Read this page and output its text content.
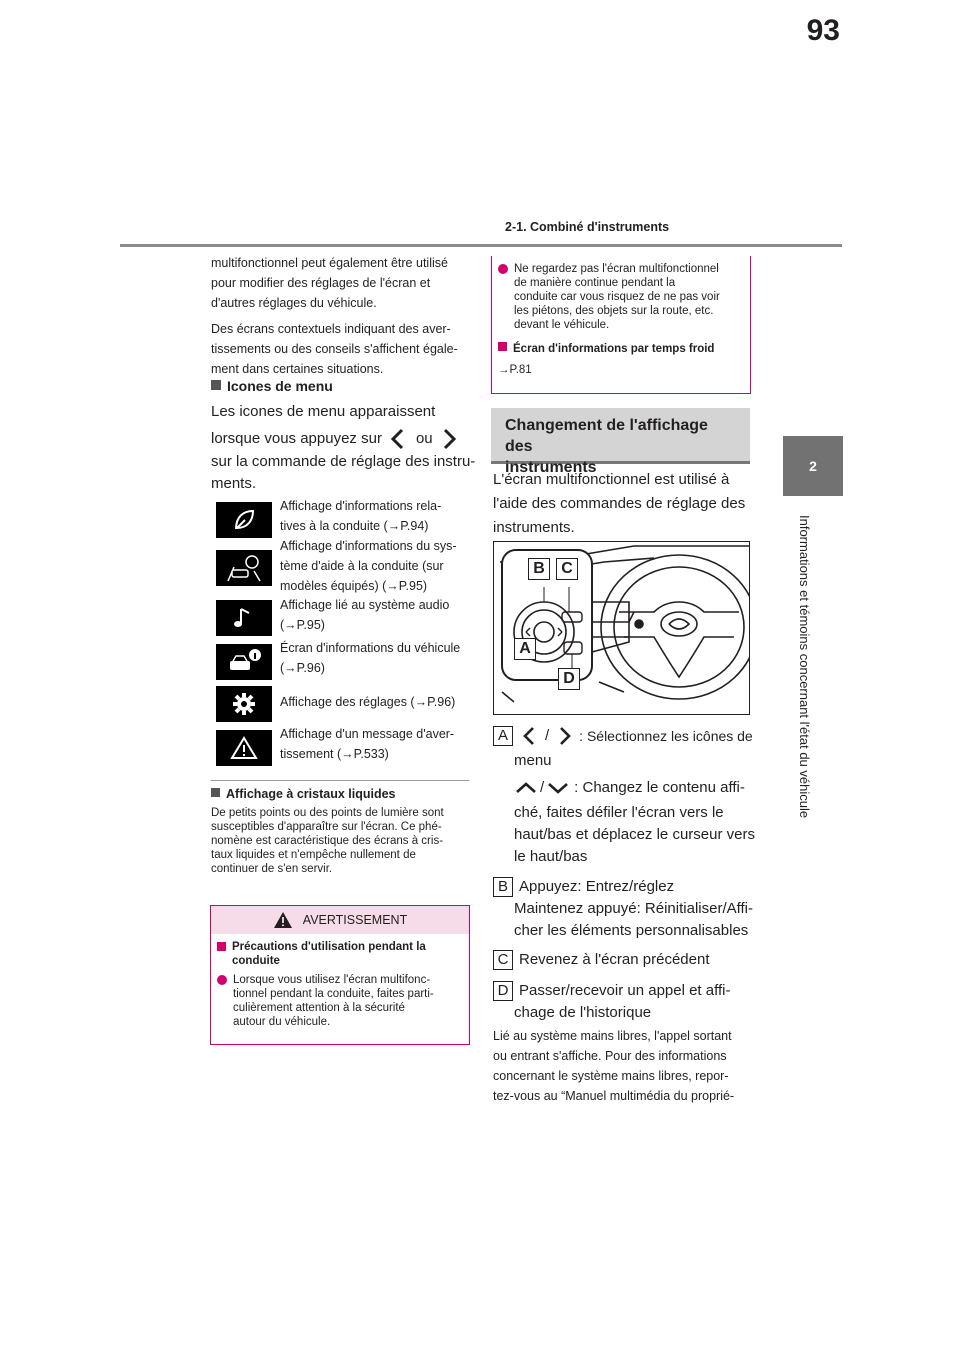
93
2-1. Combiné d'instruments
2
Informations et témoins concernant l'état du véhicule
multifonctionnel peut également être utilisé
pour modifier des réglages de l'écran et
d'autres réglages du véhicule.
Des écrans contextuels indiquant des aver-
tissements ou des conseils s'affichent égale-
ment dans certaines situations.
Icones de menu
Les icones de menu apparaissent
lorsque vous appuyez sur ou
sur la commande de réglage des instru-
ments.
Affichage d'informations rela-
tives à la conduite (→P.94)
Affichage d'informations du sys-
tème d'aide à la conduite (sur
modèles équipés) (→P.95)
Affichage lié au système audio
(→P.95)
Écran d'informations du véhicule
(→P.96)
Affichage des réglages (→P.96)
Affichage d'un message d'aver-
tissement (→P.533)
Affichage à cristaux liquides
De petits points ou des points de lumière sont
susceptibles d'apparaître sur l'écran. Ce phé-
nomène est caractéristique des écrans à cris-
taux liquides et n'empêche nullement de
continuer de s'en servir.
AVERTISSEMENT
Précautions d'utilisation pendant la
conduite
Lorsque vous utilisez l'écran multifonc-
tionnel pendant la conduite, faites parti-
culièrement attention à la sécurité
autour du véhicule.
Ne regardez pas l'écran multifonctionnel
de manière continue pendant la
conduite car vous risquez de ne pas voir
les piétons, des objets sur la route, etc.
devant le véhicule.
Écran d'informations par temps froid
→P.81
Changement de l'affichage des
instruments
L'écran multifonctionnel est utilisé à
l'aide des commandes de réglage des
instruments.
B	C
A
D
A	/ : Sélectionnez les icônes de
menu
/ : Changez le contenu affi-
ché, faites défiler l'écran vers le
haut/bas et déplacez le curseur vers
le haut/bas
B Appuyez: Entrez/réglez
Maintenez appuyé: Réinitialiser/Affi-
cher les éléments personnalisables
C Revenez à l'écran précédent
D Passer/recevoir un appel et affi-
chage de l'historique
Lié au système mains libres, l'appel sortant
ou entrant s'affiche. Pour des informations
concernant le système mains libres, repor-
tez-vous au “Manuel multimédia du proprié-
